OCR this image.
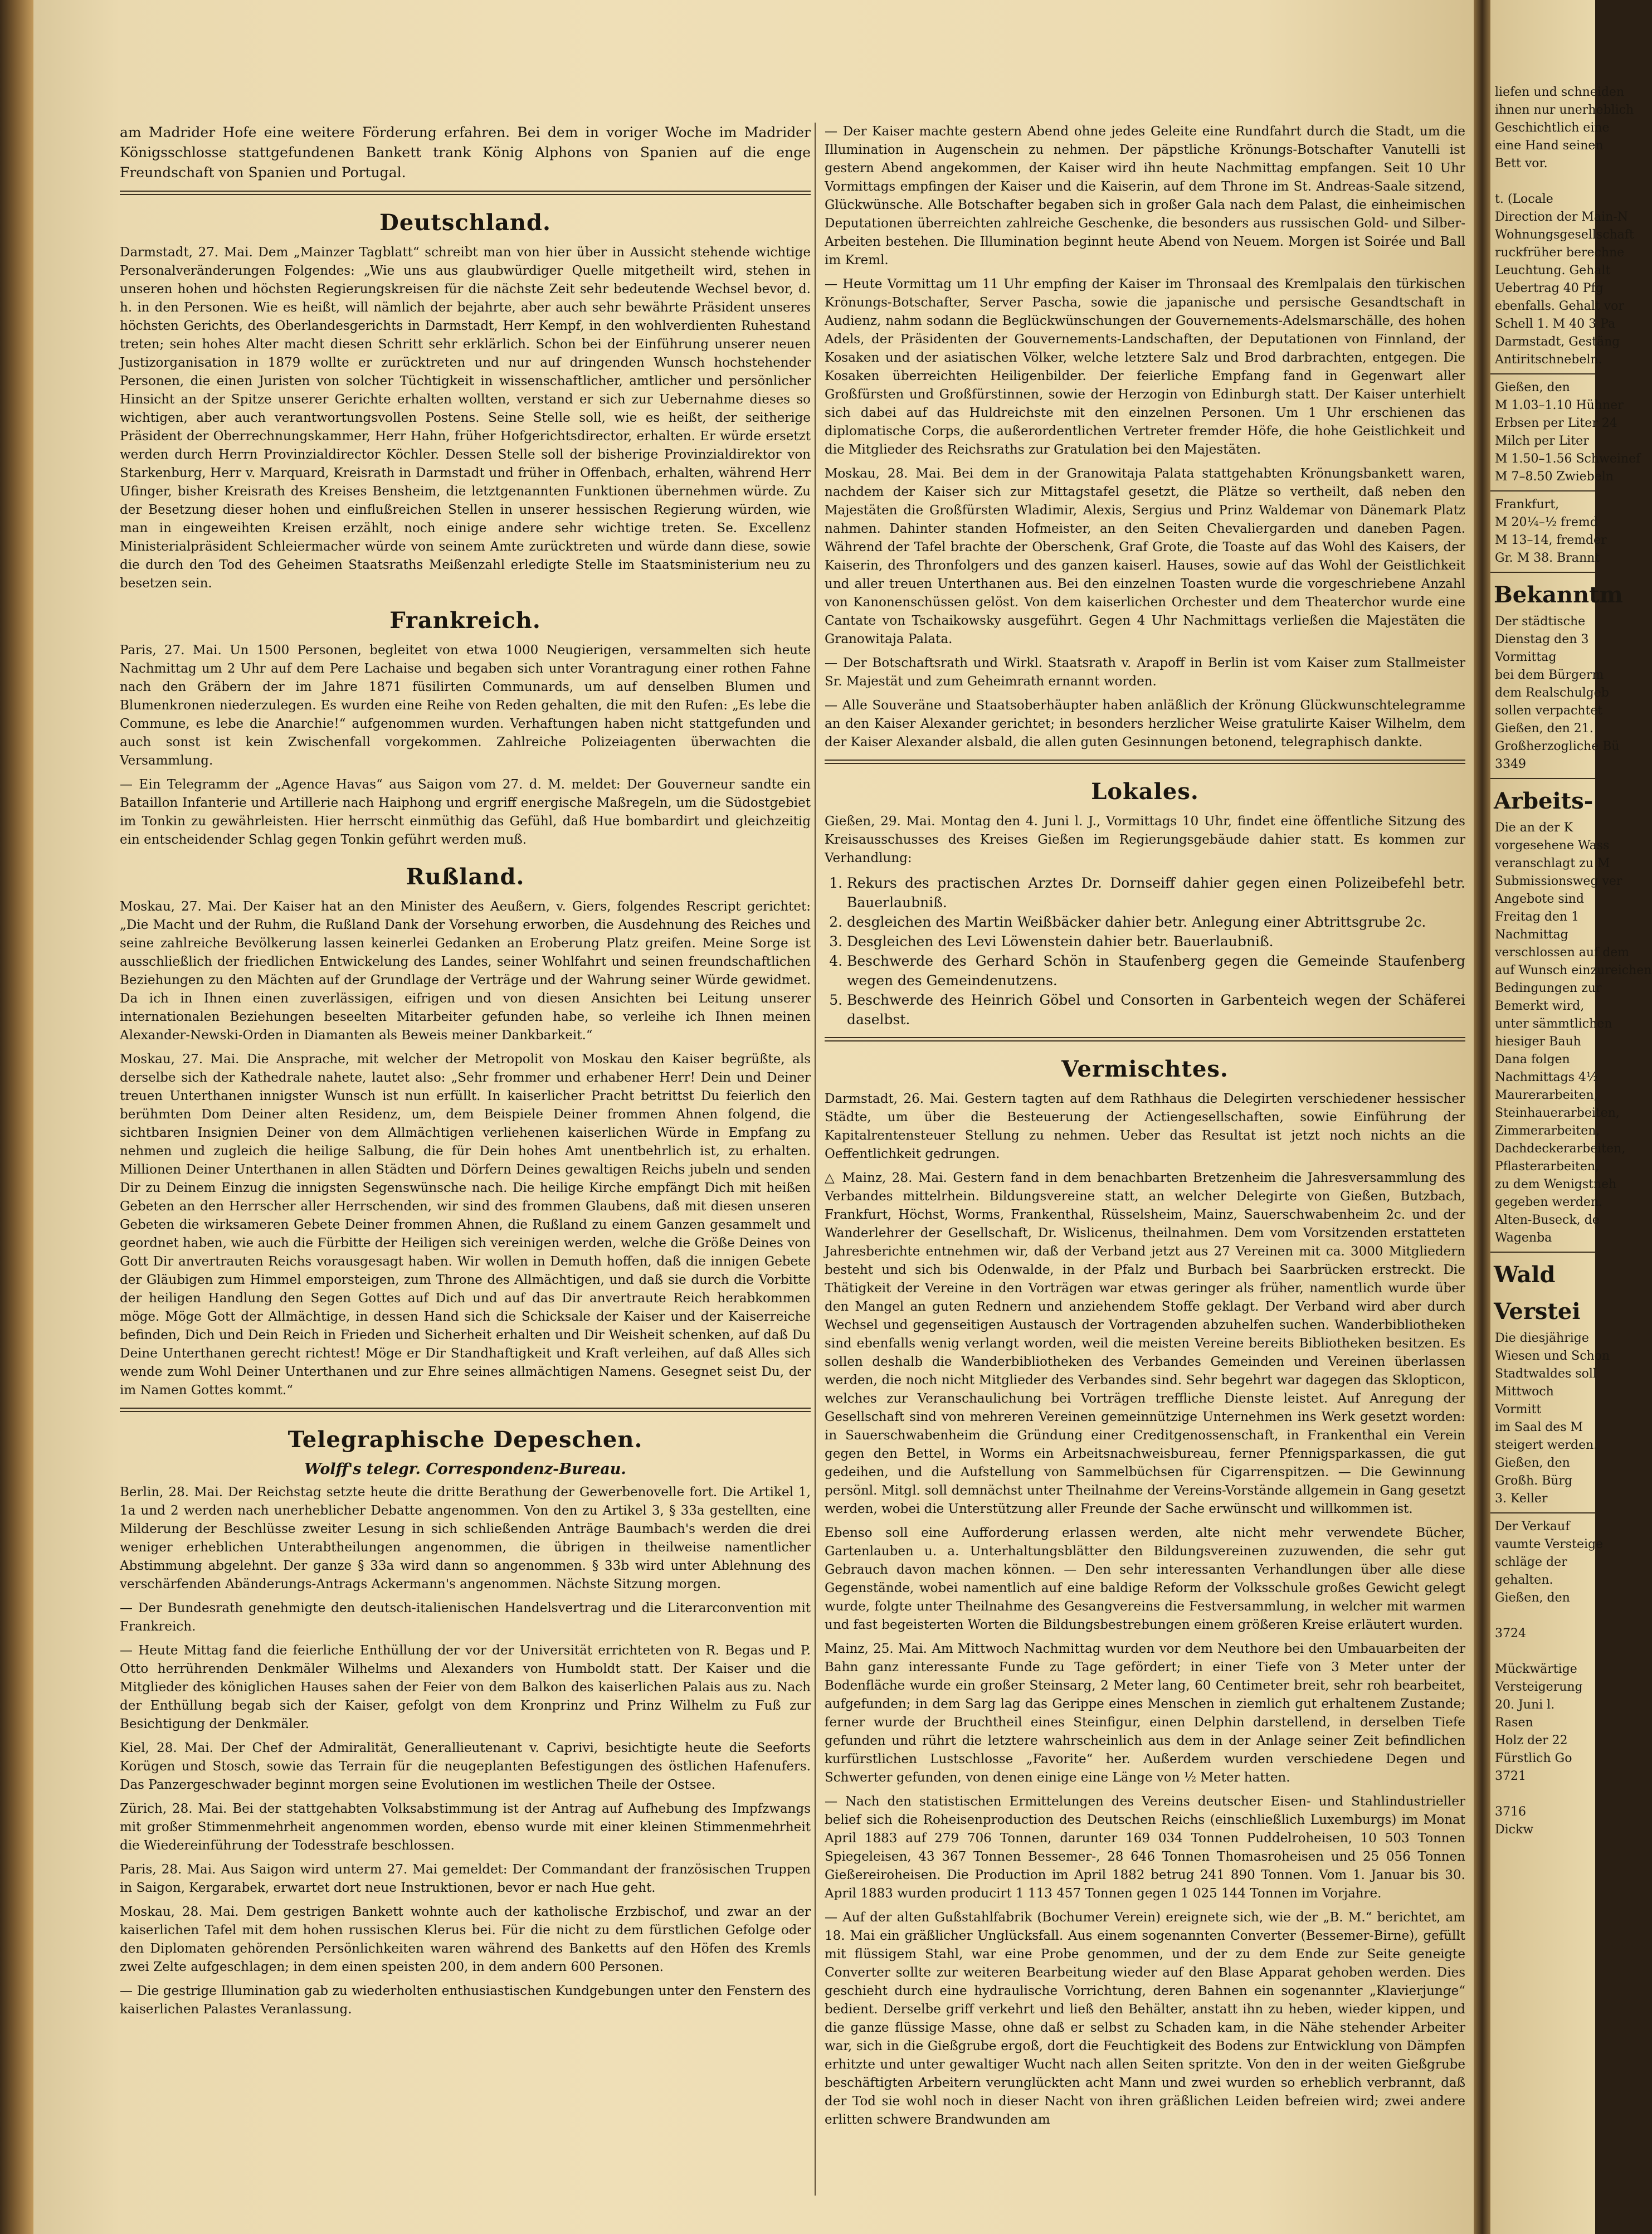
am Madrider Hofe eine weitere Förderung erfahren. Bei dem in voriger Woche im Madrider Königsschlosse stattgefundenen Bankett trank König Alphons von Spanien auf die enge Freundschaft von Spanien und Portugal.

Deutschland.

Darmstadt, 27. Mai. Dem „Mainzer Tagblatt“ schreibt man von hier über in Aussicht stehende wichtige Personalveränderungen Folgendes: „Wie uns aus glaubwürdiger Quelle mitgetheilt wird, stehen in unseren hohen und höchsten Regierungskreisen für die nächste Zeit sehr bedeutende Wechsel bevor, d. h. in den Personen. Wie es heißt, will nämlich der bejahrte, aber auch sehr bewährte Präsident unseres höchsten Gerichts, des Oberlandesgerichts in Darmstadt, Herr Kempf, in den wohlverdienten Ruhestand treten; sein hohes Alter macht diesen Schritt sehr erklärlich. Schon bei der Einführung unserer neuen Justizorganisation in 1879 wollte er zurücktreten und nur auf dringenden Wunsch hochstehender Personen, die einen Juristen von solcher Tüchtigkeit in wissenschaftlicher, amtlicher und persönlicher Hinsicht an der Spitze unserer Gerichte erhalten wollten, verstand er sich zur Uebernahme dieses so wichtigen, aber auch verantwortungsvollen Postens. Seine Stelle soll, wie es heißt, der seitherige Präsident der Oberrechnungskammer, Herr Hahn, früher Hofgerichtsdirector, erhalten. Er würde ersetzt werden durch Herrn Provinzialdirector Köchler. Dessen Stelle soll der bisherige Provinzialdirektor von Starkenburg, Herr v. Marquard, Kreisrath in Darmstadt und früher in Offenbach, erhalten, während Herr Ufinger, bisher Kreisrath des Kreises Bensheim, die letztgenannten Funktionen übernehmen würde. Zu der Besetzung dieser hohen und einflußreichen Stellen in unserer hessischen Regierung würden, wie man in eingeweihten Kreisen erzählt, noch einige andere sehr wichtige treten. Se. Excellenz Ministerialpräsident Schleiermacher würde von seinem Amte zurücktreten und würde dann diese, sowie die durch den Tod des Geheimen Staatsraths Meißenzahl erledigte Stelle im Staatsministerium neu zu besetzen sein.

Frankreich.

Paris, 27. Mai. Un 1500 Personen, begleitet von etwa 1000 Neugierigen, versammelten sich heute Nachmittag um 2 Uhr auf dem Pere Lachaise und begaben sich unter Vorantragung einer rothen Fahne nach den Gräbern der im Jahre 1871 füsilirten Communards, um auf denselben Blumen und Blumenkronen niederzulegen. Es wurden eine Reihe von Reden gehalten, die mit den Rufen: „Es lebe die Commune, es lebe die Anarchie!“ aufgenommen wurden. Verhaftungen haben nicht stattgefunden und auch sonst ist kein Zwischenfall vorgekommen. Zahlreiche Polizeiagenten überwachten die Versammlung.

— Ein Telegramm der „Agence Havas“ aus Saigon vom 27. d. M. meldet: Der Gouverneur sandte ein Bataillon Infanterie und Artillerie nach Haiphong und ergriff energische Maßregeln, um die Südostgebiet im Tonkin zu gewährleisten. Hier herrscht einmüthig das Gefühl, daß Hue bombardirt und gleichzeitig ein entscheidender Schlag gegen Tonkin geführt werden muß.

Rußland.

Moskau, 27. Mai. Der Kaiser hat an den Minister des Aeußern, v. Giers, folgendes Rescript gerichtet: „Die Macht und der Ruhm, die Rußland Dank der Vorsehung erworben, die Ausdehnung des Reiches und seine zahlreiche Bevölkerung lassen keinerlei Gedanken an Eroberung Platz greifen. Meine Sorge ist ausschließlich der friedlichen Entwickelung des Landes, seiner Wohlfahrt und seinen freundschaftlichen Beziehungen zu den Mächten auf der Grundlage der Verträge und der Wahrung seiner Würde gewidmet. Da ich in Ihnen einen zuverlässigen, eifrigen und von diesen Ansichten bei Leitung unserer internationalen Beziehungen beseelten Mitarbeiter gefunden habe, so verleihe ich Ihnen meinen Alexander-Newski-Orden in Diamanten als Beweis meiner Dankbarkeit.“

Moskau, 27. Mai. Die Ansprache, mit welcher der Metropolit von Moskau den Kaiser begrüßte, als derselbe sich der Kathedrale nahete, lautet also: „Sehr frommer und erhabener Herr! Dein und Deiner treuen Unterthanen innigster Wunsch ist nun erfüllt. In kaiserlicher Pracht betrittst Du feierlich den berühmten Dom Deiner alten Residenz, um, dem Beispiele Deiner frommen Ahnen folgend, die sichtbaren Insignien Deiner von dem Allmächtigen verliehenen kaiserlichen Würde in Empfang zu nehmen und zugleich die heilige Salbung, die für Dein hohes Amt unentbehrlich ist, zu erhalten. Millionen Deiner Unterthanen in allen Städten und Dörfern Deines gewaltigen Reichs jubeln und senden Dir zu Deinem Einzug die innigsten Segenswünsche nach. Die heilige Kirche empfängt Dich mit heißen Gebeten an den Herrscher aller Herrschenden, wir sind des frommen Glaubens, daß mit diesen unseren Gebeten die wirksameren Gebete Deiner frommen Ahnen, die Rußland zu einem Ganzen gesammelt und geordnet haben, wie auch die Fürbitte der Heiligen sich vereinigen werden, welche die Größe Deines von Gott Dir anvertrauten Reichs vorausgesagt haben. Wir wollen in Demuth hoffen, daß die innigen Gebete der Gläubigen zum Himmel emporsteigen, zum Throne des Allmächtigen, und daß sie durch die Vorbitte der heiligen Handlung den Segen Gottes auf Dich und auf das Dir anvertraute Reich herabkommen möge. Möge Gott der Allmächtige, in dessen Hand sich die Schicksale der Kaiser und der Kaiserreiche befinden, Dich und Dein Reich in Frieden und Sicherheit erhalten und Dir Weisheit schenken, auf daß Du Deine Unterthanen gerecht richtest! Möge er Dir Standhaftigkeit und Kraft verleihen, auf daß Alles sich wende zum Wohl Deiner Unterthanen und zur Ehre seines allmächtigen Namens. Gesegnet seist Du, der im Namen Gottes kommt.“

Telegraphische Depeschen.
Wolff's telegr. Correspondenz-Bureau.

Berlin, 28. Mai. Der Reichstag setzte heute die dritte Berathung der Gewerbenovelle fort. Die Artikel 1, 1a und 2 werden nach unerheblicher Debatte angenommen. Von den zu Artikel 3, § 33a gestellten, eine Milderung der Beschlüsse zweiter Lesung in sich schließenden Anträge Baumbach's werden die drei weniger erheblichen Unterabtheilungen angenommen, die übrigen in theilweise namentlicher Abstimmung abgelehnt. Der ganze § 33a wird dann so angenommen. § 33b wird unter Ablehnung des verschärfenden Abänderungs-Antrags Ackermann's angenommen. Nächste Sitzung morgen.

— Der Bundesrath genehmigte den deutsch-italienischen Handelsvertrag und die Literarconvention mit Frankreich.

— Heute Mittag fand die feierliche Enthüllung der vor der Universität errichteten von R. Begas und P. Otto herrührenden Denkmäler Wilhelms und Alexanders von Humboldt statt. Der Kaiser und die Mitglieder des königlichen Hauses sahen der Feier von dem Balkon des kaiserlichen Palais aus zu. Nach der Enthüllung begab sich der Kaiser, gefolgt von dem Kronprinz und Prinz Wilhelm zu Fuß zur Besichtigung der Denkmäler.

Kiel, 28. Mai. Der Chef der Admiralität, Generallieutenant v. Caprivi, besichtigte heute die Seeforts Korügen und Stosch, sowie das Terrain für die neugeplanten Befestigungen des östlichen Hafenufers. Das Panzergeschwader beginnt morgen seine Evolutionen im westlichen Theile der Ostsee.

Zürich, 28. Mai. Bei der stattgehabten Volksabstimmung ist der Antrag auf Aufhebung des Impfzwangs mit großer Stimmenmehrheit angenommen worden, ebenso wurde mit einer kleinen Stimmenmehrheit die Wiedereinführung der Todesstrafe beschlossen.

Paris, 28. Mai. Aus Saigon wird unterm 27. Mai gemeldet: Der Commandant der französischen Truppen in Saigon, Kergarabek, erwartet dort neue Instruktionen, bevor er nach Hue geht.

Moskau, 28. Mai. Dem gestrigen Bankett wohnte auch der katholische Erzbischof, und zwar an der kaiserlichen Tafel mit dem hohen russischen Klerus bei. Für die nicht zu dem fürstlichen Gefolge oder den Diplomaten gehörenden Persönlichkeiten waren während des Banketts auf den Höfen des Kremls zwei Zelte aufgeschlagen; in dem einen speisten 200, in dem andern 600 Personen.

— Die gestrige Illumination gab zu wiederholten enthusiastischen Kundgebungen unter den Fenstern des kaiserlichen Palastes Veranlassung.

— Der Kaiser machte gestern Abend ohne jedes Geleite eine Rundfahrt durch die Stadt, um die Illumination in Augenschein zu nehmen. Der päpstliche Krönungs-Botschafter Vanutelli ist gestern Abend angekommen, der Kaiser wird ihn heute Nachmittag empfangen. Seit 10 Uhr Vormittags empfingen der Kaiser und die Kaiserin, auf dem Throne im St. Andreas-Saale sitzend, Glückwünsche. Alle Botschafter begaben sich in großer Gala nach dem Palast, die einheimischen Deputationen überreichten zahlreiche Geschenke, die besonders aus russischen Gold- und Silber-Arbeiten bestehen. Die Illumination beginnt heute Abend von Neuem. Morgen ist Soirée und Ball im Kreml.

— Heute Vormittag um 11 Uhr empfing der Kaiser im Thronsaal des Kremlpalais den türkischen Krönungs-Botschafter, Server Pascha, sowie die japanische und persische Gesandtschaft in Audienz, nahm sodann die Beglückwünschungen der Gouvernements-Adelsmarschälle, des hohen Adels, der Präsidenten der Gouvernements-Landschaften, der Deputationen von Finnland, der Kosaken und der asiatischen Völker, welche letztere Salz und Brod darbrachten, entgegen. Die Kosaken überreichten Heiligenbilder. Der feierliche Empfang fand in Gegenwart aller Großfürsten und Großfürstinnen, sowie der Herzogin von Edinburgh statt. Der Kaiser unterhielt sich dabei auf das Huldreichste mit den einzelnen Personen. Um 1 Uhr erschienen das diplomatische Corps, die außerordentlichen Vertreter fremder Höfe, die hohe Geistlichkeit und die Mitglieder des Reichsraths zur Gratulation bei den Majestäten.

Moskau, 28. Mai. Bei dem in der Granowitaja Palata stattgehabten Krönungsbankett waren, nachdem der Kaiser sich zur Mittagstafel gesetzt, die Plätze so vertheilt, daß neben den Majestäten die Großfürsten Wladimir, Alexis, Sergius und Prinz Waldemar von Dänemark Platz nahmen. Dahinter standen Hofmeister, an den Seiten Chevaliergarden und daneben Pagen. Während der Tafel brachte der Oberschenk, Graf Grote, die Toaste auf das Wohl des Kaisers, der Kaiserin, des Thronfolgers und des ganzen kaiserl. Hauses, sowie auf das Wohl der Geistlichkeit und aller treuen Unterthanen aus. Bei den einzelnen Toasten wurde die vorgeschriebene Anzahl von Kanonenschüssen gelöst. Von dem kaiserlichen Orchester und dem Theaterchor wurde eine Cantate von Tschaikowsky ausgeführt. Gegen 4 Uhr Nachmittags verließen die Majestäten die Granowitaja Palata.

— Der Botschaftsrath und Wirkl. Staatsrath v. Arapoff in Berlin ist vom Kaiser zum Stallmeister Sr. Majestät und zum Geheimrath ernannt worden.

— Alle Souveräne und Staatsoberhäupter haben anläßlich der Krönung Glückwunschtelegramme an den Kaiser Alexander gerichtet; in besonders herzlicher Weise gratulirte Kaiser Wilhelm, dem der Kaiser Alexander alsbald, die allen guten Gesinnungen betonend, telegraphisch dankte.

Lokales.

Gießen, 29. Mai. Montag den 4. Juni l. J., Vormittags 10 Uhr, findet eine öffentliche Sitzung des Kreisausschusses des Kreises Gießen im Regierungsgebäude dahier statt. Es kommen zur Verhandlung:

1. Rekurs des practischen Arztes Dr. Dornseiff dahier gegen einen Polizeibefehl betr. Bauerlaubniß.
2. desgleichen des Martin Weißbäcker dahier betr. Anlegung einer Abtrittsgrube 2c.
3. Desgleichen des Levi Löwenstein dahier betr. Bauerlaubniß.
4. Beschwerde des Gerhard Schön in Staufenberg gegen die Gemeinde Staufenberg wegen des Gemeindenutzens.
5. Beschwerde des Heinrich Göbel und Consorten in Garbenteich wegen der Schäferei daselbst.
Vermischtes.

Darmstadt, 26. Mai. Gestern tagten auf dem Rathhaus die Delegirten verschiedener hessischer Städte, um über die Besteuerung der Actiengesellschaften, sowie Einführung der Kapitalrentensteuer Stellung zu nehmen. Ueber das Resultat ist jetzt noch nichts an die Oeffentlichkeit gedrungen.

△ Mainz, 28. Mai. Gestern fand in dem benachbarten Bretzenheim die Jahresversammlung des Verbandes mittelrhein. Bildungsvereine statt, an welcher Delegirte von Gießen, Butzbach, Frankfurt, Höchst, Worms, Frankenthal, Rüsselsheim, Mainz, Sauerschwabenheim 2c. und der Wanderlehrer der Gesellschaft, Dr. Wislicenus, theilnahmen. Dem vom Vorsitzenden erstatteten Jahresberichte entnehmen wir, daß der Verband jetzt aus 27 Vereinen mit ca. 3000 Mitgliedern besteht und sich bis Odenwalde, in der Pfalz und Burbach bei Saarbrücken erstreckt. Die Thätigkeit der Vereine in den Vorträgen war etwas geringer als früher, namentlich wurde über den Mangel an guten Rednern und anziehendem Stoffe geklagt. Der Verband wird aber durch Wechsel und gegenseitigen Austausch der Vortragenden abzuhelfen suchen. Wanderbibliotheken sind ebenfalls wenig verlangt worden, weil die meisten Vereine bereits Bibliotheken besitzen. Es sollen deshalb die Wanderbibliotheken des Verbandes Gemeinden und Vereinen überlassen werden, die noch nicht Mitglieder des Verbandes sind. Sehr begehrt war dagegen das Sklopticon, welches zur Veranschaulichung bei Vorträgen treffliche Dienste leistet. Auf Anregung der Gesellschaft sind von mehreren Vereinen gemeinnützige Unternehmen ins Werk gesetzt worden: in Sauerschwabenheim die Gründung einer Creditgenossenschaft, in Frankenthal ein Verein gegen den Bettel, in Worms ein Arbeitsnachweisbureau, ferner Pfennigsparkassen, die gut gedeihen, und die Aufstellung von Sammelbüchsen für Cigarrenspitzen. — Die Gewinnung persönl. Mitgl. soll demnächst unter Theilnahme der Vereins-Vorstände allgemein in Gang gesetzt werden, wobei die Unterstützung aller Freunde der Sache erwünscht und willkommen ist.

Ebenso soll eine Aufforderung erlassen werden, alte nicht mehr verwendete Bücher, Gartenlauben u. a. Unterhaltungsblätter den Bildungsvereinen zuzuwenden, die sehr gut Gebrauch davon machen können. — Den sehr interessanten Verhandlungen über alle diese Gegenstände, wobei namentlich auf eine baldige Reform der Volksschule großes Gewicht gelegt wurde, folgte unter Theilnahme des Gesangvereins die Festversammlung, in welcher mit warmen und fast begeisterten Worten die Bildungsbestrebungen einem größeren Kreise erläutert wurden.

Mainz, 25. Mai. Am Mittwoch Nachmittag wurden vor dem Neuthore bei den Umbauarbeiten der Bahn ganz interessante Funde zu Tage gefördert; in einer Tiefe von 3 Meter unter der Bodenfläche wurde ein großer Steinsarg, 2 Meter lang, 60 Centimeter breit, sehr roh bearbeitet, aufgefunden; in dem Sarg lag das Gerippe eines Menschen in ziemlich gut erhaltenem Zustande; ferner wurde der Bruchtheil eines Steinfigur, einen Delphin darstellend, in derselben Tiefe gefunden und rührt die letztere wahrscheinlich aus dem in der Anlage seiner Zeit befindlichen kurfürstlichen Lustschlosse „Favorite“ her. Außerdem wurden verschiedene Degen und Schwerter gefunden, von denen einige eine Länge von ½ Meter hatten.

— Nach den statistischen Ermittelungen des Vereins deutscher Eisen- und Stahlindustrieller belief sich die Roheisenproduction des Deutschen Reichs (einschließlich Luxemburgs) im Monat April 1883 auf 279 706 Tonnen, darunter 169 034 Tonnen Puddelroheisen, 10 503 Tonnen Spiegeleisen, 43 367 Tonnen Bessemer-, 28 646 Tonnen Thomasroheisen und 25 056 Tonnen Gießereiroheisen. Die Production im April 1882 betrug 241 890 Tonnen. Vom 1. Januar bis 30. April 1883 wurden producirt 1 113 457 Tonnen gegen 1 025 144 Tonnen im Vorjahre.

— Auf der alten Gußstahlfabrik (Bochumer Verein) ereignete sich, wie der „B. M.“ berichtet, am 18. Mai ein gräßlicher Unglücksfall. Aus einem sogenannten Converter (Bessemer-Birne), gefüllt mit flüssigem Stahl, war eine Probe genommen, und der zu dem Ende zur Seite geneigte Converter sollte zur weiteren Bearbeitung wieder auf den Blase Apparat gehoben werden. Dies geschieht durch eine hydraulische Vorrichtung, deren Bahnen ein sogenannter „Klavierjunge“ bedient. Derselbe griff verkehrt und ließ den Behälter, anstatt ihn zu heben, wieder kippen, und die ganze flüssige Masse, ohne daß er selbst zu Schaden kam, in die Nähe stehender Arbeiter war, sich in die Gießgrube ergoß, dort die Feuchtigkeit des Bodens zur Entwicklung von Dämpfen erhitzte und unter gewaltiger Wucht nach allen Seiten spritzte. Von den in der weiten Gießgrube beschäftigten Arbeitern verunglückten acht Mann und zwei wurden so erheblich verbrannt, daß der Tod sie wohl noch in dieser Nacht von ihren gräßlichen Leiden befreien wird; zwei andere erlitten schwere Brandwunden am

liefen und schneiden
ihnen nur unerheblich
Geschichtlich eine
eine Hand seinen
Bett vor.

t. (Locale
Direction der Main-N
Wohnungsgesellschaft
ruckfrüher berechne
Leuchtung. Gehalt
Uebertrag 40 Pfg
ebenfalls. Gehalt vor
Schell 1. M 40 3 Pa
Darmstadt, Gestäng
Antiritschnebeln.
Gießen, den
M 1.03–1.10 Hühner
Erbsen per Liter 24
Milch per Liter
M 1.50–1.56 Schweinef
M 7–8.50 Zwiebeln
Frankfurt,
M 20¼–½ fremd
M 13–14, fremder
Gr. M 38. Brannt
Bekanntm
Der städtische
Dienstag den 3
Vormittag
bei dem Bürgerm
dem Realschulgeb
sollen verpachtet
Gießen, den 21.
Großherzogliche Bü
3349
Arbeits-
Die an der K
vorgesehene Wass
veranschlagt zu M
Submissionsweg ver
Angebote sind
Freitag den 1
Nachmittag
verschlossen auf dem
auf Wunsch einzureichen
Bedingungen zur
Bemerkt wird,
unter sämmtlichen
hiesiger Bauh
Dana folgen
Nachmittags 4½
Maurerarbeiten,
Steinhauerarbeiten,
Zimmerarbeiten,
Dachdeckerarbeiten,
Pflasterarbeiten,
zu dem Wenigstneh
gegeben werden.
Alten-Buseck, de
Wagenba
Wald
Verstei
Die diesjährige
Wiesen und Schon
Stadtwaldes soll
Mittwoch
Vormitt
im Saal des M
steigert werden.
Gießen, den
Großh. Bürg
3. Keller
Der Verkauf
vaumte Versteige
schläge der
gehalten.
Gießen, den

3724

Mückwärtige
Versteigerung
20. Juni l.
Rasen
Holz der 22
Fürstlich Go
3721

3716
Dickw
